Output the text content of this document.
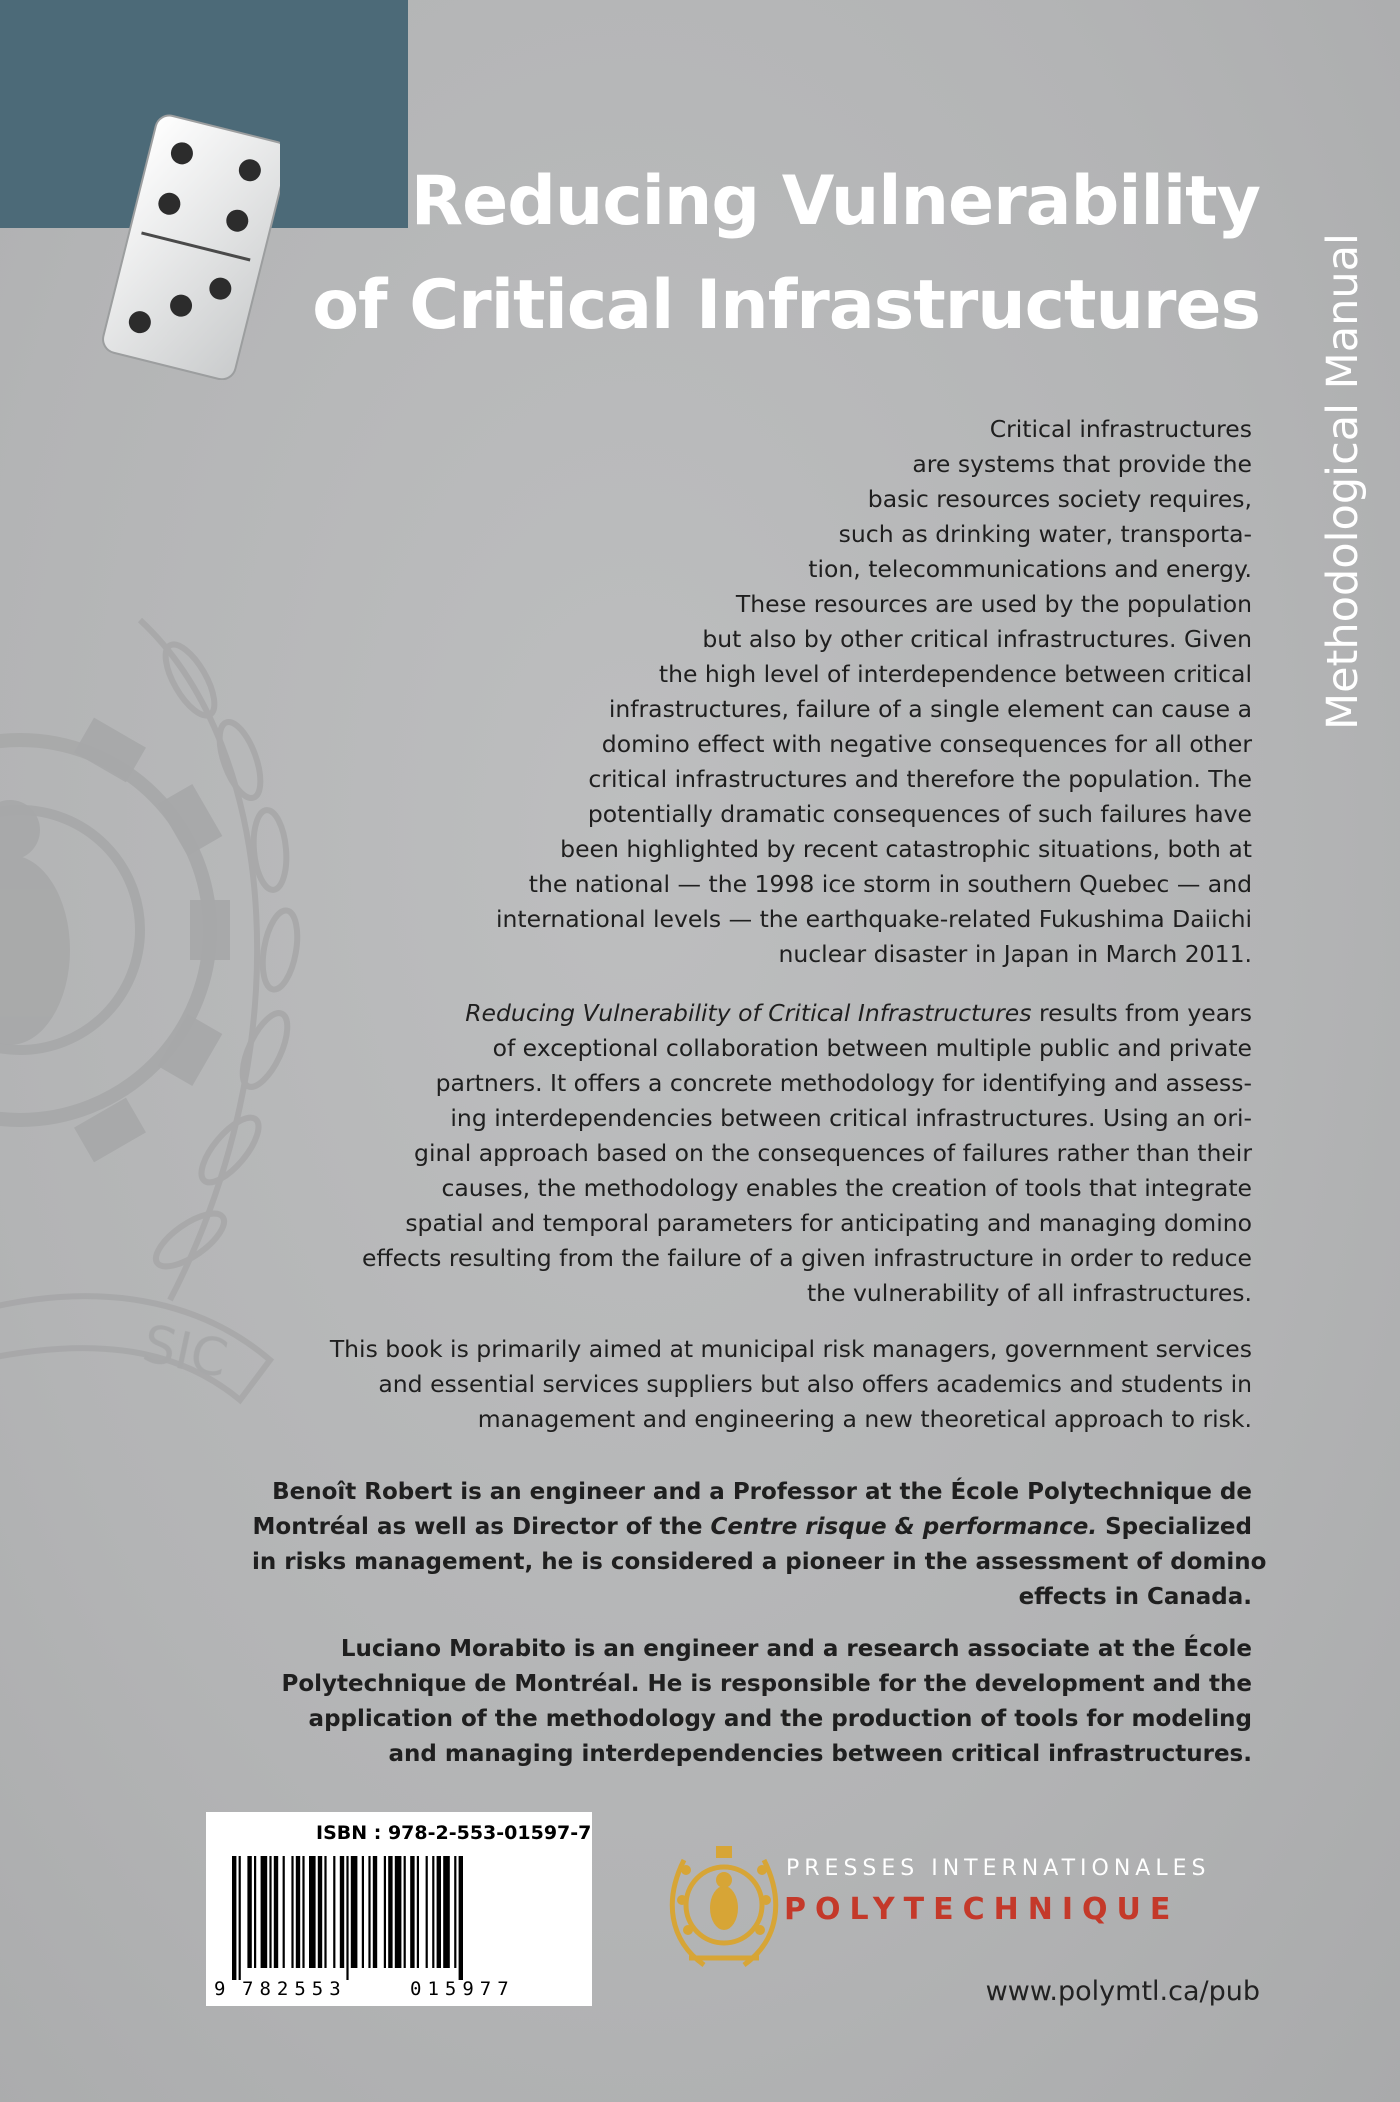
SIC
Reducing Vulnerability
of Critical Infrastructures Methodological Manual
Critical infrastructures
are systems that provide the
basic resources society requires,
such as drinking water, transporta-
tion, telecommunications and energy.
These resources are used by the population
but also by other critical infrastructures. Given
the high level of interdependence between critical
infrastructures, failure of a single element can cause a
domino effect with negative consequences for all other
critical infrastructures and therefore the population. The
potentially dramatic consequences of such failures have
been highlighted by recent catastrophic situations, both at
the national — the 1998 ice storm in southern Quebec — and
international levels — the earthquake-related Fukushima Daiichi
nuclear disaster in Japan in March 2011.
Reducing Vulnerability of Critical Infrastructures results from years
of exceptional collaboration between multiple public and private
partners. It offers a concrete methodology for identifying and assess-
ing interdependencies between critical infrastructures. Using an ori-
ginal approach based on the consequences of failures rather than their
causes, the methodology enables the creation of tools that integrate
spatial and temporal parameters for anticipating and managing domino
effects resulting from the failure of a given infrastructure in order to reduce
the vulnerability of all infrastructures.
This book is primarily aimed at municipal risk managers, government services
and essential services suppliers but also offers academics and students in
management and engineering a new theoretical approach to risk.
Benoît Robert is an engineer and a Professor at the École Polytechnique de
Montréal as well as Director of the Centre risque & performance. Specialized
in risks management, he is considered a pioneer in the assessment of domino
effects in Canada.
Luciano Morabito is an engineer and a research associate at the École
Polytechnique de Montréal. He is responsible for the development and the
application of the methodology and the production of tools for modeling
and managing interdependencies between critical infrastructures.
ISBN : 978-2-553-01597-7
9 782553	015977
PRESSES INTERNATIONALES
POLYTECHNIQUE
www.polymtl.ca/pub
